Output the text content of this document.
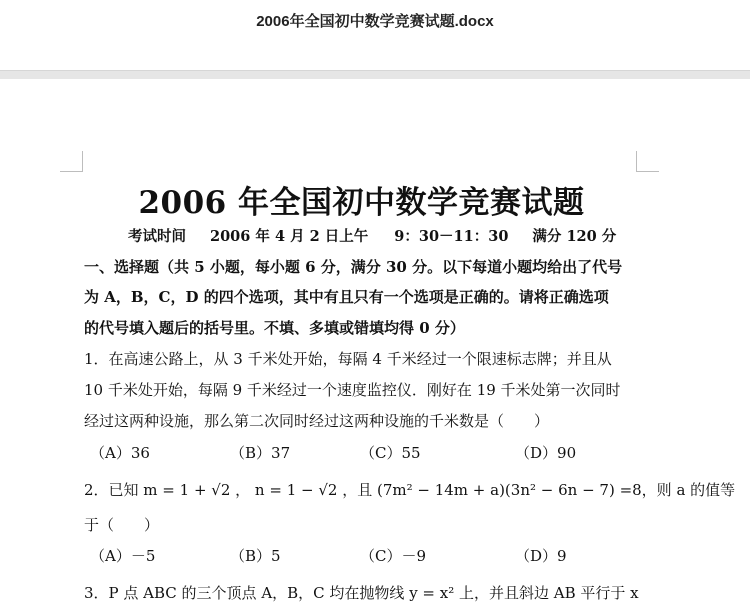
2006年全国初中数学竞赛试题.docx
2006 年全国初中数学竞赛试题
考试时间 2006 年 4 月 2 日上午 9：30－11：30 满分 120 分
一、选择题（共 5 小题，每小题 6 分，满分 30 分。以下每道小题均给出了代号
为 A，B，C，D 的四个选项，其中有且只有一个选项是正确的。请将正确选项
的代号填入题后的括号里。不填、多填或错填均得 0 分）
1．在高速公路上，从 3 千米处开始，每隔 4 千米经过一个限速标志牌；并且从
10 千米处开始，每隔 9 千米经过一个速度监控仪．刚好在 19 千米处第一次同时
经过这两种设施，那么第二次同时经过这两种设施的千米数是（　　）
（A）36	（B）37	（C）55	（D）90
2．已知 m = 1 + √2 ， n = 1 − √2 ，且 (7m² − 14m + a)(3n² − 6n − 7) =8，则 a 的值等
于（　　）
（A）－5	（B）5	（C）－9	（D）9
3．P 点 ABC 的三个顶点 A，B，C 均在抛物线 y = x² 上，并且斜边 AB 平行于 x
